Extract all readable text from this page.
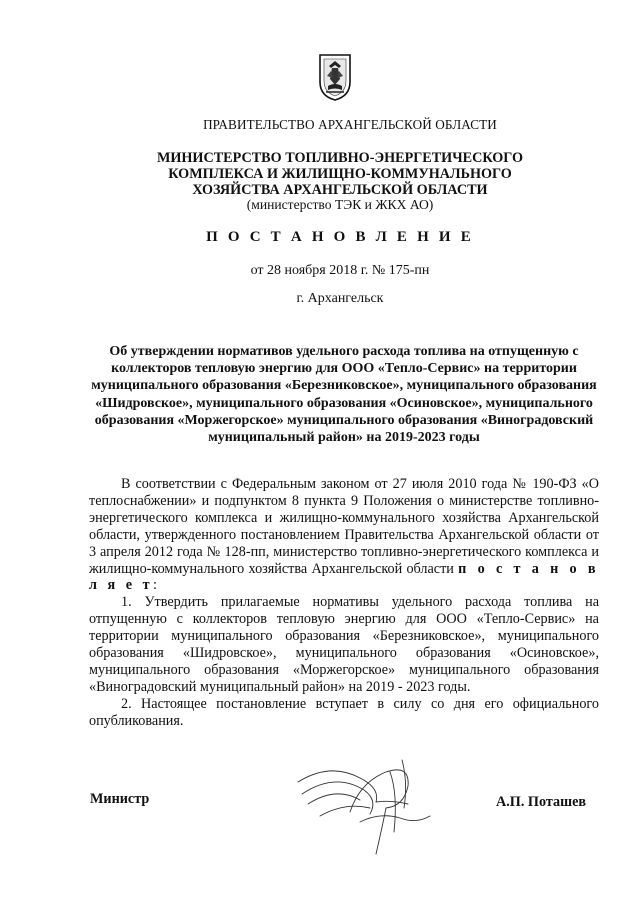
ПРАВИТЕЛЬСТВО АРХАНГЕЛЬСКОЙ ОБЛАСТИ
МИНИСТЕРСТВО ТОПЛИВНО-ЭНЕРГЕТИЧЕСКОГО
КОМПЛЕКСА И ЖИЛИЩНО-КОММУНАЛЬНОГО
ХОЗЯЙСТВА АРХАНГЕЛЬСКОЙ ОБЛАСТИ
(министерство ТЭК и ЖКХ АО)
П О С Т А Н О В Л Е Н И Е
от 28 ноября 2018 г. № 175-пн
г. Архангельск
Об утверждении нормативов удельного расхода топлива на отпущенную с коллекторов тепловую энергию для ООО «Тепло-Сервис» на территории муниципального образования «Березниковское», муниципального образования «Шидровское», муниципального образования «Осиновское», муниципального образования «Моржегорское» муниципального образования «Виноградовский муниципальный район» на 2019-2023 годы

В соответствии с Федеральным законом от 27 июля 2010 года № 190-ФЗ «О теплоснабжении» и подпунктом 8 пункта 9 Положения о министерстве топливно-энергетического комплекса и жилищно-коммунального хозяйства Архангельской области, утвержденного постановлением Правительства Архангельской области от 3 апреля 2012 года № 128-пп, министерство топливно-энергетического комплекса и жилищно-коммунального хозяйства Архангельской области п о с т а н о в л я е т:

1. Утвердить прилагаемые нормативы удельного расхода топлива на отпущенную с коллекторов тепловую энергию для ООО «Тепло-Сервис» на территории муниципального образования «Березниковское», муниципального образования «Шидровское», муниципального образования «Осиновское», муниципального образования «Моржегорское» муниципального образования «Виноградовский муниципальный район» на 2019 - 2023 годы.

2. Настоящее постановление вступает в силу со дня его официального опубликования.

Министр	А.П. Поташев
